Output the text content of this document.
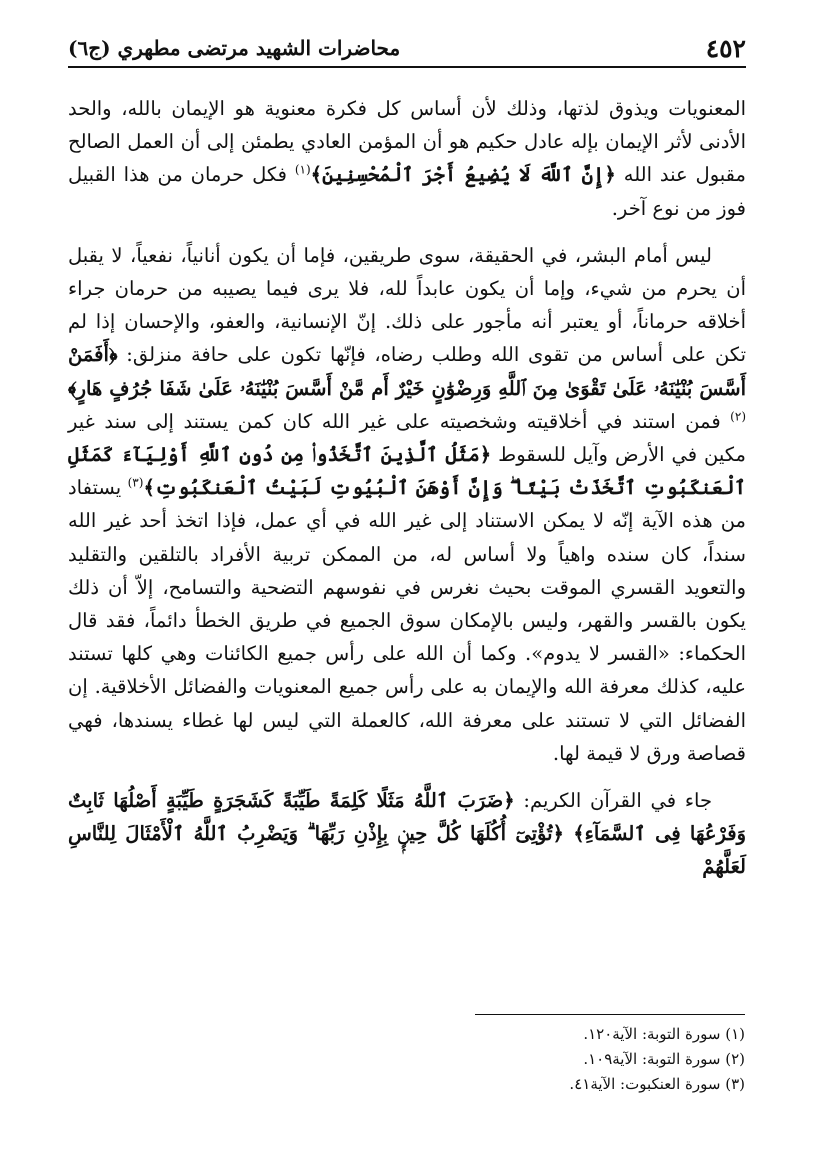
٤٥٢
محاضرات الشهيد مرتضى مطهري (ج٦)

المعنويات ويذوق لذتها، وذلك لأن أساس كل فكرة معنوية هو الإيمان بالله، والحد الأدنى لأثر الإيمان بإله عادل حكيم هو أن المؤمن العادي يطمئن إلى أن العمل الصالح مقبول عند الله ﴿إِنَّ ٱللَّهَ لَا يُضِيعُ أَجْرَ ٱلْمُحْسِنِينَ﴾$^{(١)}$ فكل حرمان من هذا القبيل فوز من نوع آخر.

ليس أمام البشر، في الحقيقة، سوى طريقين، فإما أن يكون أنانياً، نفعياً، لا يقبل أن يحرم من شيء، وإما أن يكون عابداً لله، فلا يرى فيما يصيبه من حرمان جراء أخلاقه حرماناً، أو يعتبر أنه مأجور على ذلك. إنّ الإنسانية، والعفو، والإحسان إذا لم تكن على أساس من تقوى الله وطلب رضاه، فإنّها تكون على حافة منزلق: ﴿أَفَمَنْ أَسَّسَ بُنْيَٰنَهُۥ عَلَىٰ تَقْوَىٰ مِنَ ٱللَّهِ وَرِضْوَٰنٍ خَيْرٌ أَم مَّنْ أَسَّسَ بُنْيَٰنَهُۥ عَلَىٰ شَفَا جُرُفٍ هَارٍ﴾$^{(٢)}$ فمن استند في أخلاقيته وشخصيته على غير الله كان كمن يستند إلى سند غير مكين في الأرض وآيل للسقوط ﴿مَثَلُ ٱلَّذِينَ ٱتَّخَذُوا۟ مِن دُونِ ٱللَّهِ أَوْلِيَآءَ كَمَثَلِ ٱلْعَنكَبُوتِ ٱتَّخَذَتْ بَيْتًا ۖ وَإِنَّ أَوْهَنَ ٱلْبُيُوتِ لَبَيْتُ ٱلْعَنكَبُوتِ﴾$^{(٣)}$ يستفاد من هذه الآية إنّه لا يمكن الاستناد إلى غير الله في أي عمل، فإذا اتخذ أحد غير الله سنداً، كان سنده واهياً ولا أساس له، من الممكن تربية الأفراد بالتلقين والتقليد والتعويد القسري الموقت بحيث نغرس في نفوسهم التضحية والتسامح، إلاّ أن ذلك يكون بالقسر والقهر، وليس بالإمكان سوق الجميع في طريق الخطأ دائماً، فقد قال الحكماء: «القسر لا يدوم». وكما أن الله على رأس جميع الكائنات وهي كلها تستند عليه، كذلك معرفة الله والإيمان به على رأس جميع المعنويات والفضائل الأخلاقية. إن الفضائل التي لا تستند على معرفة الله، كالعملة التي ليس لها غطاء يسندها، فهي قصاصة ورق لا قيمة لها.

جاء في القرآن الكريم: ﴿ضَرَبَ ٱللَّهُ مَثَلًا كَلِمَةً طَيِّبَةً كَشَجَرَةٍ طَيِّبَةٍ أَصْلُهَا ثَابِتٌ وَفَرْعُهَا فِى ٱلسَّمَآءِ﴾ ﴿تُؤْتِىٓ أُكُلَهَا كُلَّ حِينٍۭ بِإِذْنِ رَبِّهَا ۗ وَيَضْرِبُ ٱللَّهُ ٱلْأَمْثَالَ لِلنَّاسِ لَعَلَّهُمْ

(١) سورة التوبة: الآية١٢٠.
(٢) سورة التوبة: الآية١٠٩.
(٣) سورة العنكبوت: الآية٤١.
